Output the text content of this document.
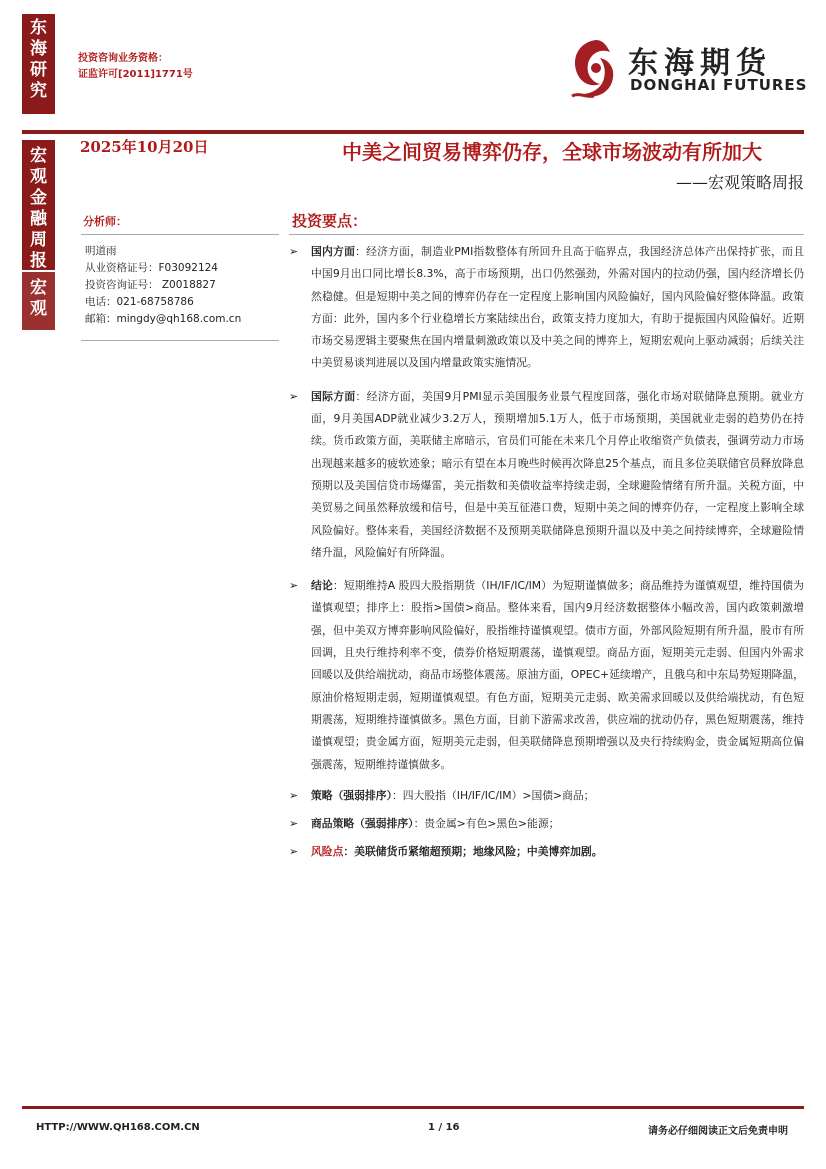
东
海
研
究
宏
观
金
融
周
报
宏
观
投资咨询业务资格：
证监许可[2011]1771号	东海期货
DONGHAI FUTURES
2025年10月20日	中美之间贸易博弈仍存，全球市场波动有所加大
——宏观策略周报
分析师：
明道雨
从业资格证号：F03092124
投资咨询证号： Z0018827
电话：021-68758786
邮箱：mingdy@qh168.com.cn
投资要点：
➢ 国内方面：经济方面，制造业PMI指数整体有所回升且高于临界点，我国经济总体产出保持扩张，而且中国9月出口同比增长8.3%，高于市场预期，出口仍然强劲，外需对国内的拉动仍强，国内经济增长仍然稳健。但是短期中美之间的博弈仍存在一定程度上影响国内风险偏好，国内风险偏好整体降温。政策方面：此外，国内多个行业稳增长方案陆续出台，政策支持力度加大，有助于提振国内风险偏好。近期市场交易逻辑主要聚焦在国内增量刺激政策以及中美之间的博弈上，短期宏观向上驱动减弱；后续关注中美贸易谈判进展以及国内增量政策实施情况。
➢ 国际方面：经济方面，美国9月PMI显示美国服务业景气程度回落，强化市场对联储降息预期。就业方面，9月美国ADP就业减少3.2万人，预期增加5.1万人，低于市场预期，美国就业走弱的趋势仍在持续。货币政策方面，美联储主席暗示，官员们可能在未来几个月停止收缩资产负债表，强调劳动力市场出现越来越多的疲软迹象；暗示有望在本月晚些时候再次降息25个基点，而且多位美联储官员释放降息预期以及美国信贷市场爆雷，美元指数和美债收益率持续走弱，全球避险情绪有所升温。关税方面，中美贸易之间虽然释放缓和信号，但是中美互征港口费，短期中美之间的博弈仍存，一定程度上影响全球风险偏好。整体来看，美国经济数据不及预期美联储降息预期升温以及中美之间持续博弈，全球避险情绪升温，风险偏好有所降温。
➢ 结论：短期维持A 股四大股指期货（IH/IF/IC/IM）为短期谨慎做多；商品维持为谨慎观望，维持国债为谨慎观望；排序上：股指>国债>商品。整体来看，国内9月经济数据整体小幅改善，国内政策刺激增强，但中美双方博弈影响风险偏好，股指维持谨慎观望。债市方面，外部风险短期有所升温，股市有所回调，且央行维持利率不变，债券价格短期震荡，谨慎观望。商品方面，短期美元走弱、但国内外需求回暖以及供给端扰动，商品市场整体震荡。原油方面，OPEC+延续增产，且俄乌和中东局势短期降温，原油价格短期走弱，短期谨慎观望。有色方面，短期美元走弱、欧美需求回暖以及供给端扰动，有色短期震荡，短期维持谨慎做多。黑色方面，目前下游需求改善，供应端的扰动仍存，黑色短期震荡，维持谨慎观望；贵金属方面，短期美元走弱，但美联储降息预期增强以及央行持续购金，贵金属短期高位偏强震荡，短期维持谨慎做多。
➢ 策略（强弱排序）：四大股指（IH/IF/IC/IM）>国债>商品；
➢ 商品策略（强弱排序）：贵金属>有色>黑色>能源；
➢ 风险点：美联储货币紧缩超预期；地缘风险；中美博弈加剧。
HTTP://WWW.QH168.COM.CN	1 / 16	请务必仔细阅读正文后免责申明
